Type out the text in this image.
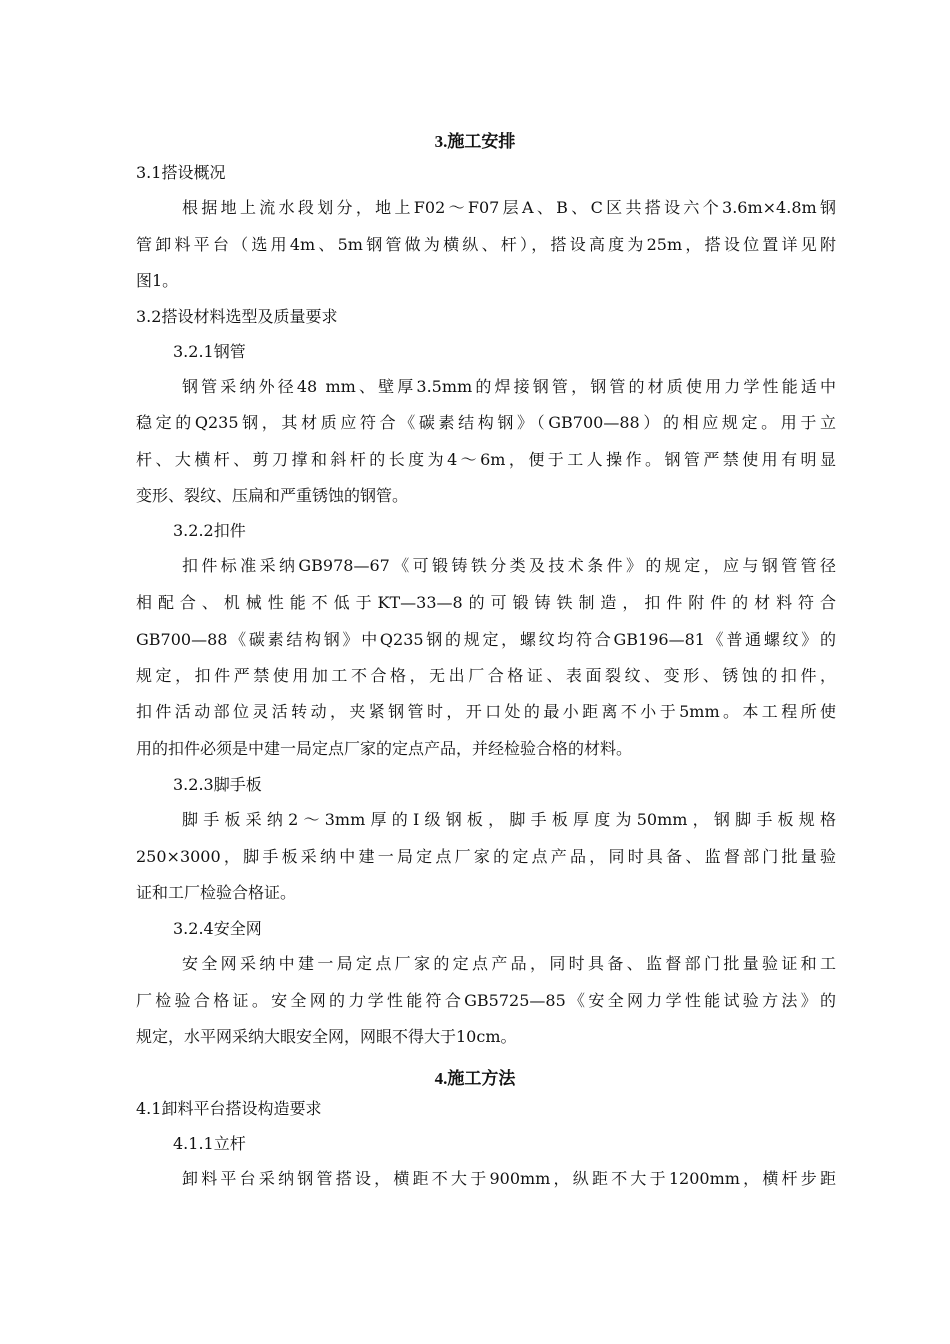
3.施工安排
3.1搭设概况
根据地上流水段划分，地上F02～F07层A、B、C区共搭设六个3.6m×4.8m钢
管卸料平台（选用4m、5m钢管做为横纵、杆），搭设高度为25m，搭设位置详见附
图1。
3.2搭设材料选型及质量要求
3.2.1钢管
钢管采纳外径48 mm、壁厚3.5mm的焊接钢管，钢管的材质使用力学性能适中
稳定的Q235钢，其材质应符合《碳素结构钢》（GB700—88）的相应规定。用于立
杆、大横杆、剪刀撑和斜杆的长度为4～6m，便于工人操作。钢管严禁使用有明显
变形、裂纹、压扁和严重锈蚀的钢管。
3.2.2扣件
扣件标准采纳GB978—67《可锻铸铁分类及技术条件》的规定，应与钢管管径
相配合、机械性能不低于KT—33—8的可锻铸铁制造，扣件附件的材料符合
GB700—88《碳素结构钢》中Q235钢的规定，螺纹均符合GB196—81《普通螺纹》的
规定，扣件严禁使用加工不合格，无出厂合格证、表面裂纹、变形、锈蚀的扣件，
扣件活动部位灵活转动，夹紧钢管时，开口处的最小距离不小于5mm。本工程所使
用的扣件必须是中建一局定点厂家的定点产品，并经检验合格的材料。
3.2.3脚手板
脚手板采纳2～3mm厚的I级钢板，脚手板厚度为50mm，钢脚手板规格
250×3000，脚手板采纳中建一局定点厂家的定点产品，同时具备、监督部门批量验
证和工厂检验合格证。
3.2.4安全网
安全网采纳中建一局定点厂家的定点产品，同时具备、监督部门批量验证和工
厂检验合格证。安全网的力学性能符合GB5725—85《安全网力学性能试验方法》的
规定，水平网采纳大眼安全网，网眼不得大于10cm。
4.施工方法
4.1卸料平台搭设构造要求
4.1.1立杆
卸料平台采纳钢管搭设，横距不大于900mm，纵距不大于1200mm，横杆步距
